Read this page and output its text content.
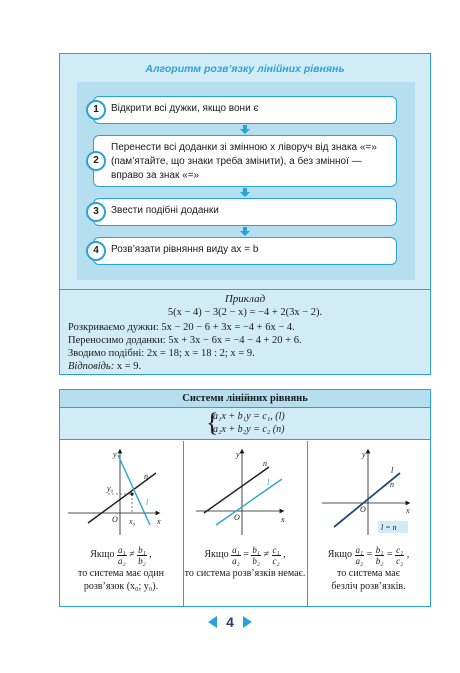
Алгоритм розв’язку лінійних рівнянь
1	Відкрити всі дужки, якщо вони є
2
Перенести всі доданки зі змінною x ліворуч від знака «=» (пам’ятайте, що знаки треба змінити), а без змінної — вправо за знак «=»
3	Звести подібні доданки
4	Розв’язати рівняння виду ax = b
Приклад
5(x − 4) − 3(2 − x) = −4 + 2(3x − 2).
Розкриваємо дужки: 5x − 20 − 6 + 3x = −4 + 6x − 4.
Переносимо доданки: 5x + 3x − 6x = −4 − 4 + 20 + 6.
Зводимо подібні: 2x = 18; x = 18 : 2; x = 9.
Відповідь: x = 9.
Системи лінійних рівнянь
{
a₁x + b₁y = c₁, (l)
a₂x + b₂y = c₂ (n)
y
x
O
n
l
y₀
x₀
Якщо $\frac{\text{a₁}}{\text{a₂}} \ne \frac{\text{b₁}}{\text{b₂}}$ ,
то система має один
розв’язок (x₀; y₀).
y
x
O
n
l
Якщо $\frac{\text{a₁}}{\text{a₂}} = \frac{\text{b₁}}{\text{b₂}} \ne \frac{\text{c₁}}{\text{c₂}}$ ,
то система розв’язків немає.
y
x
O
l
n
l = n
Якщо $\frac{\text{a₁}}{\text{a₂}} = \frac{\text{b₁}}{\text{b₂}} = \frac{\text{c₁}}{\text{c₂}}$ ,
то система має
безліч розв’язків.
4
